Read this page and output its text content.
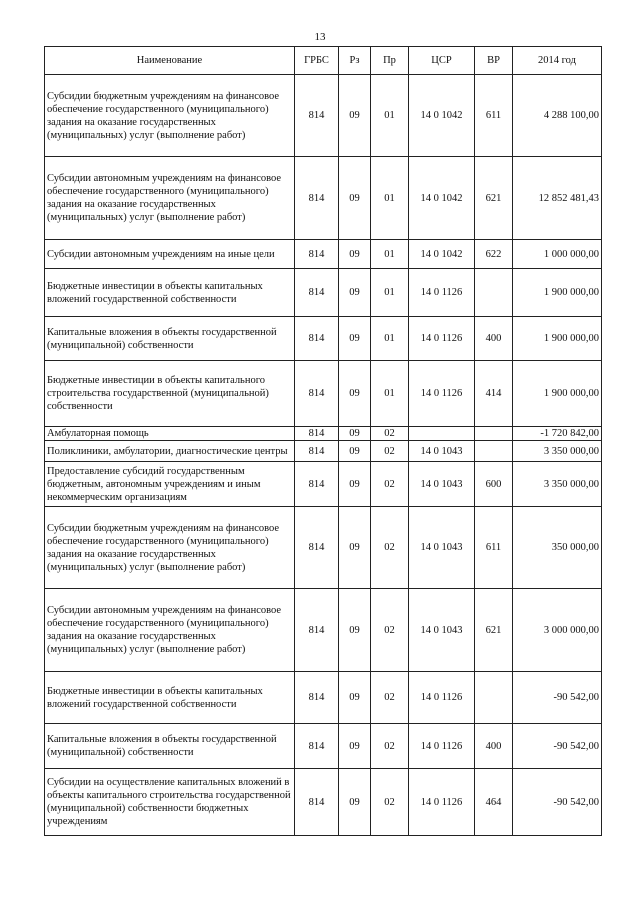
13
Наименование	ГРБС	Рз	Пр	ЦСР	ВР	2014 год
Субсидии бюджетным учреждениям на финансовое обеспечение государственного (муниципального) задания на оказание государственных (муниципальных) услуг (выполнение работ)	814	09	01	14 0 1042	611	4 288 100,00
Субсидии автономным учреждениям на финансовое обеспечение государственного (муниципального) задания на оказание государственных (муниципальных) услуг (выполнение работ)	814	09	01	14 0 1042	621	12 852 481,43
Субсидии автономным учреждениям на иные цели	814	09	01	14 0 1042	622	1 000 000,00
Бюджетные инвестиции в объекты капитальных вложений государственной собственности	814	09	01	14 0 1126		1 900 000,00
Капитальные вложения в объекты государственной (муниципальной) собственности	814	09	01	14 0 1126	400	1 900 000,00
Бюджетные инвестиции в объекты капитального строительства государственной (муниципальной) собственности	814	09	01	14 0 1126	414	1 900 000,00
Амбулаторная помощь	814	09	02			-1 720 842,00
Поликлиники, амбулатории, диагностические центры	814	09	02	14 0 1043		3 350 000,00
Предоставление субсидий государственным бюджетным, автономным учреждениям и иным некоммерческим организациям	814	09	02	14 0 1043	600	3 350 000,00
Субсидии бюджетным учреждениям на финансовое обеспечение государственного (муниципального) задания на оказание государственных (муниципальных) услуг (выполнение работ)	814	09	02	14 0 1043	611	350 000,00
Субсидии автономным учреждениям на финансовое обеспечение государственного (муниципального) задания на оказание государственных (муниципальных) услуг (выполнение работ)	814	09	02	14 0 1043	621	3 000 000,00
Бюджетные инвестиции в объекты капитальных вложений государственной собственности	814	09	02	14 0 1126		-90 542,00
Капитальные вложения в объекты государственной (муниципальной) собственности	814	09	02	14 0 1126	400	-90 542,00
Субсидии на осуществление капитальных вложений в объекты капитального строительства государственной (муниципальной) собственности бюджетных учреждениям	814	09	02	14 0 1126	464	-90 542,00
